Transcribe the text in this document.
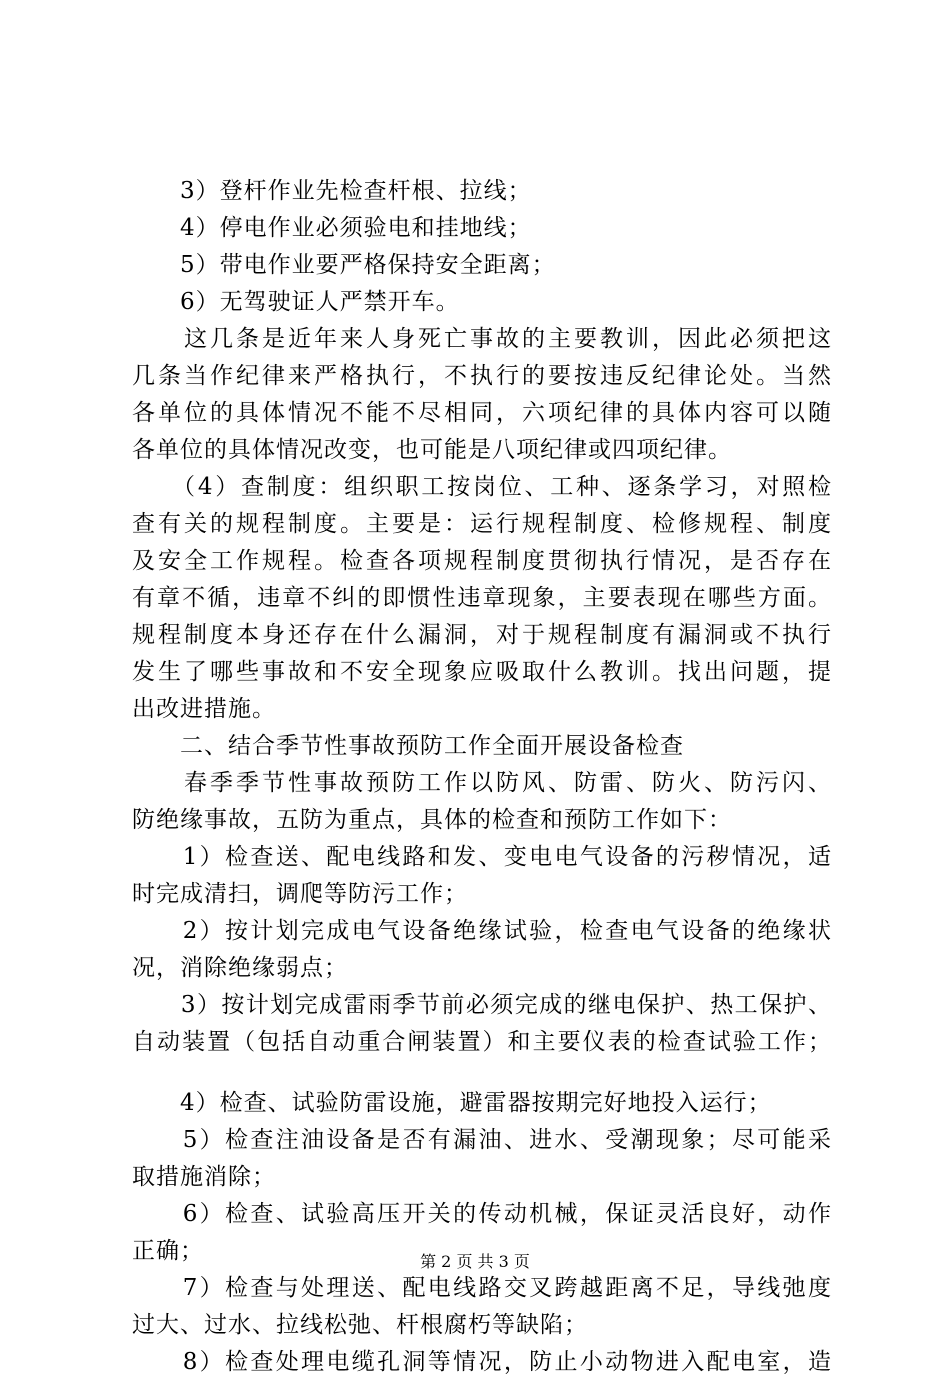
　　3）登杆作业先检查杆根、拉线；
　　4）停电作业必须验电和挂地线；
　　5）带电作业要严格保持安全距离；
　　6）无驾驶证人严禁开车。
　　这几条是近年来人身死亡事故的主要教训，因此必须把这
几条当作纪律来严格执行，不执行的要按违反纪律论处。当然
各单位的具体情况不能不尽相同，六项纪律的具体内容可以随
各单位的具体情况改变，也可能是八项纪律或四项纪律。
　　（4）查制度：组织职工按岗位、工种、逐条学习，对照检
查有关的规程制度。主要是：运行规程制度、检修规程、制度
及安全工作规程。检查各项规程制度贯彻执行情况，是否存在
有章不循，违章不纠的即惯性违章现象，主要表现在哪些方面。
规程制度本身还存在什么漏洞，对于规程制度有漏洞或不执行
发生了哪些事故和不安全现象应吸取什么教训。找出问题，提
出改进措施。
　　二、结合季节性事故预防工作全面开展设备检查
　　春季季节性事故预防工作以防风、防雷、防火、防污闪、
防绝缘事故，五防为重点，具体的检查和预防工作如下：
　　1）检查送、配电线路和发、变电电气设备的污秽情况，适
时完成清扫，调爬等防污工作；
　　2）按计划完成电气设备绝缘试验，检查电气设备的绝缘状
况，消除绝缘弱点；
　　3）按计划完成雷雨季节前必须完成的继电保护、热工保护、
自动装置（包括自动重合闸装置）和主要仪表的检查试验工作；
　　4）检查、试验防雷设施，避雷器按期完好地投入运行；
　　5）检查注油设备是否有漏油、进水、受潮现象；尽可能采
取措施消除；
　　6）检查、试验高压开关的传动机械，保证灵活良好，动作
正确；
　　7）检查与处理送、配电线路交叉跨越距离不足，导线弛度
过大、过水、拉线松弛、杆根腐朽等缺陷；
　　8）检查处理电缆孔洞等情况，防止小动物进入配电室，造
第 2 页 共 3 页
